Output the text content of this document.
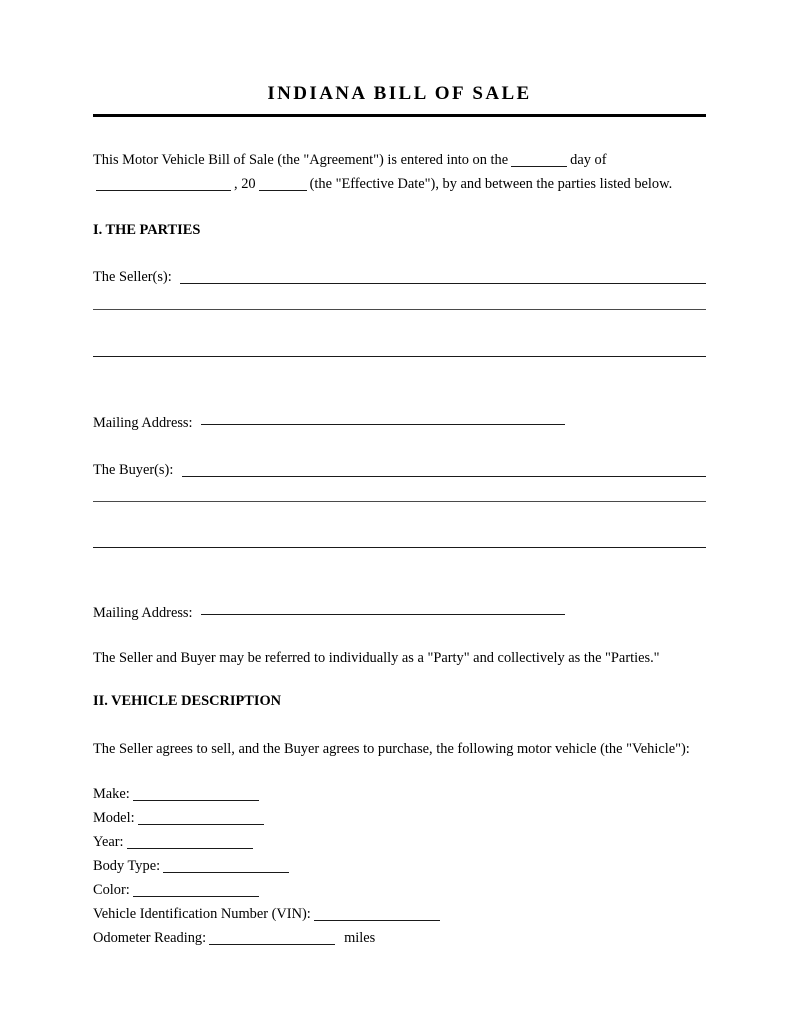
INDIANA BILL OF SALE
This Motor Vehicle Bill of Sale (the "Agreement") is entered into on the	day of
, 20	(the "Effective Date"), by and between the parties listed below.
I. THE PARTIES
The Seller(s):
Mailing Address:
The Buyer(s):
Mailing Address:
The Seller and Buyer may be referred to individually as a "Party" and collectively as the "Parties."
II. VEHICLE DESCRIPTION
The Seller agrees to sell, and the Buyer agrees to purchase, the following motor vehicle (the "Vehicle"):
Make:
Model:
Year:
Body Type:
Color:
Vehicle Identification Number (VIN):
Odometer Reading:	miles
